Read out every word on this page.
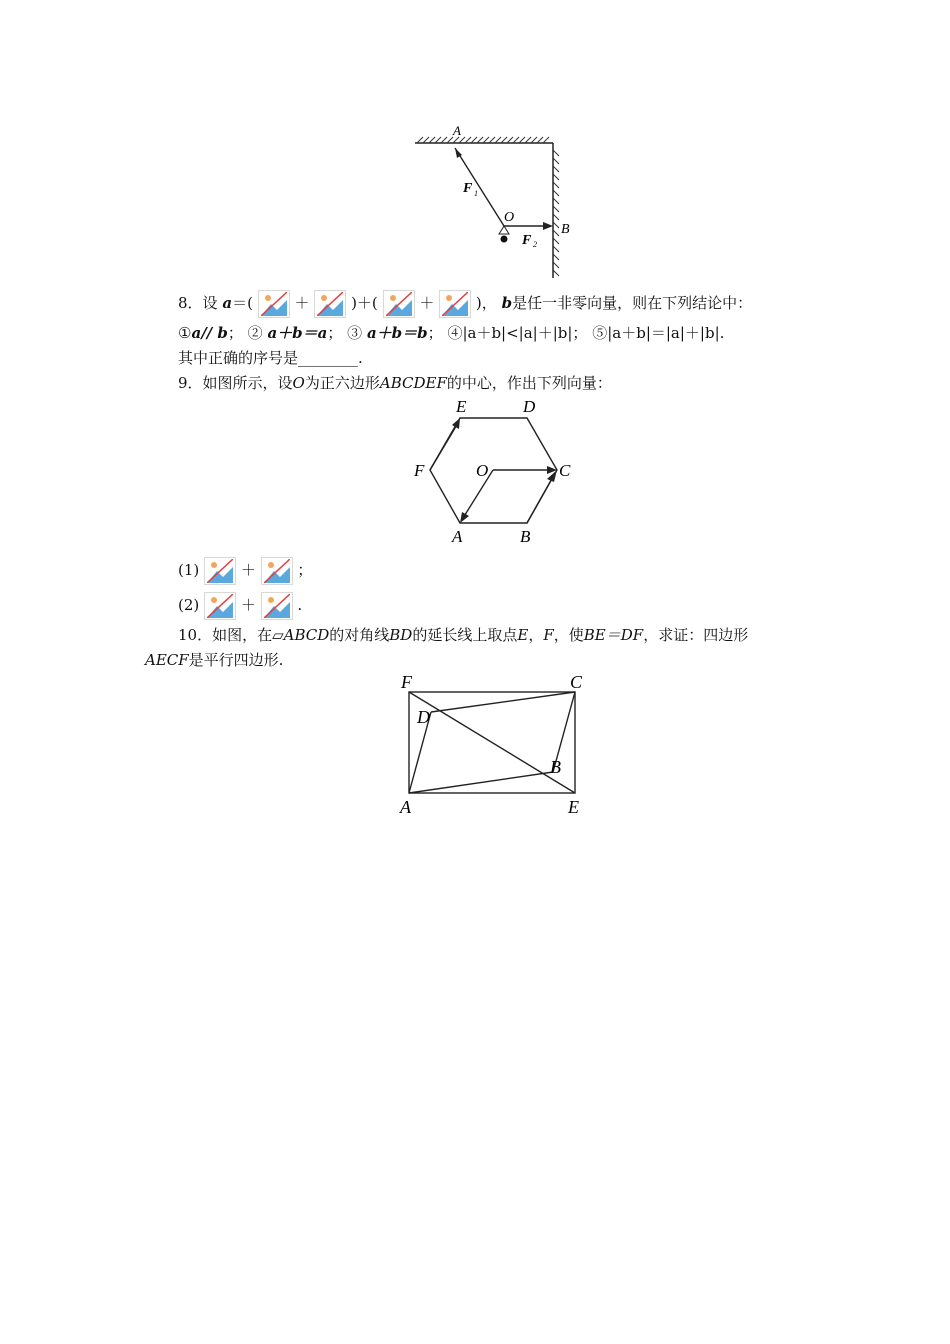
A
O
B
F 1
F 2
8．设 a＝(	＋	)＋(	＋	)， b是任一非零向量，则在下列结论中：
①a// b； ② a＋b＝a； ③ a＋b＝b； ④|a＋b|<|a|＋|b|； ⑤|a＋b|＝|a|＋|b|.
其中正确的序号是________.
9．如图所示，设O为正六边形ABCDEF的中心，作出下列向量：
E	D
F	O	C
A	B
(1)	＋	；
(2)	＋	.
10．如图，在▱ABCD的对角线BD的延长线上取点E，F，使BE＝DF，求证：四边形
AECF是平行四边形.
F	C
D
B
A	E
